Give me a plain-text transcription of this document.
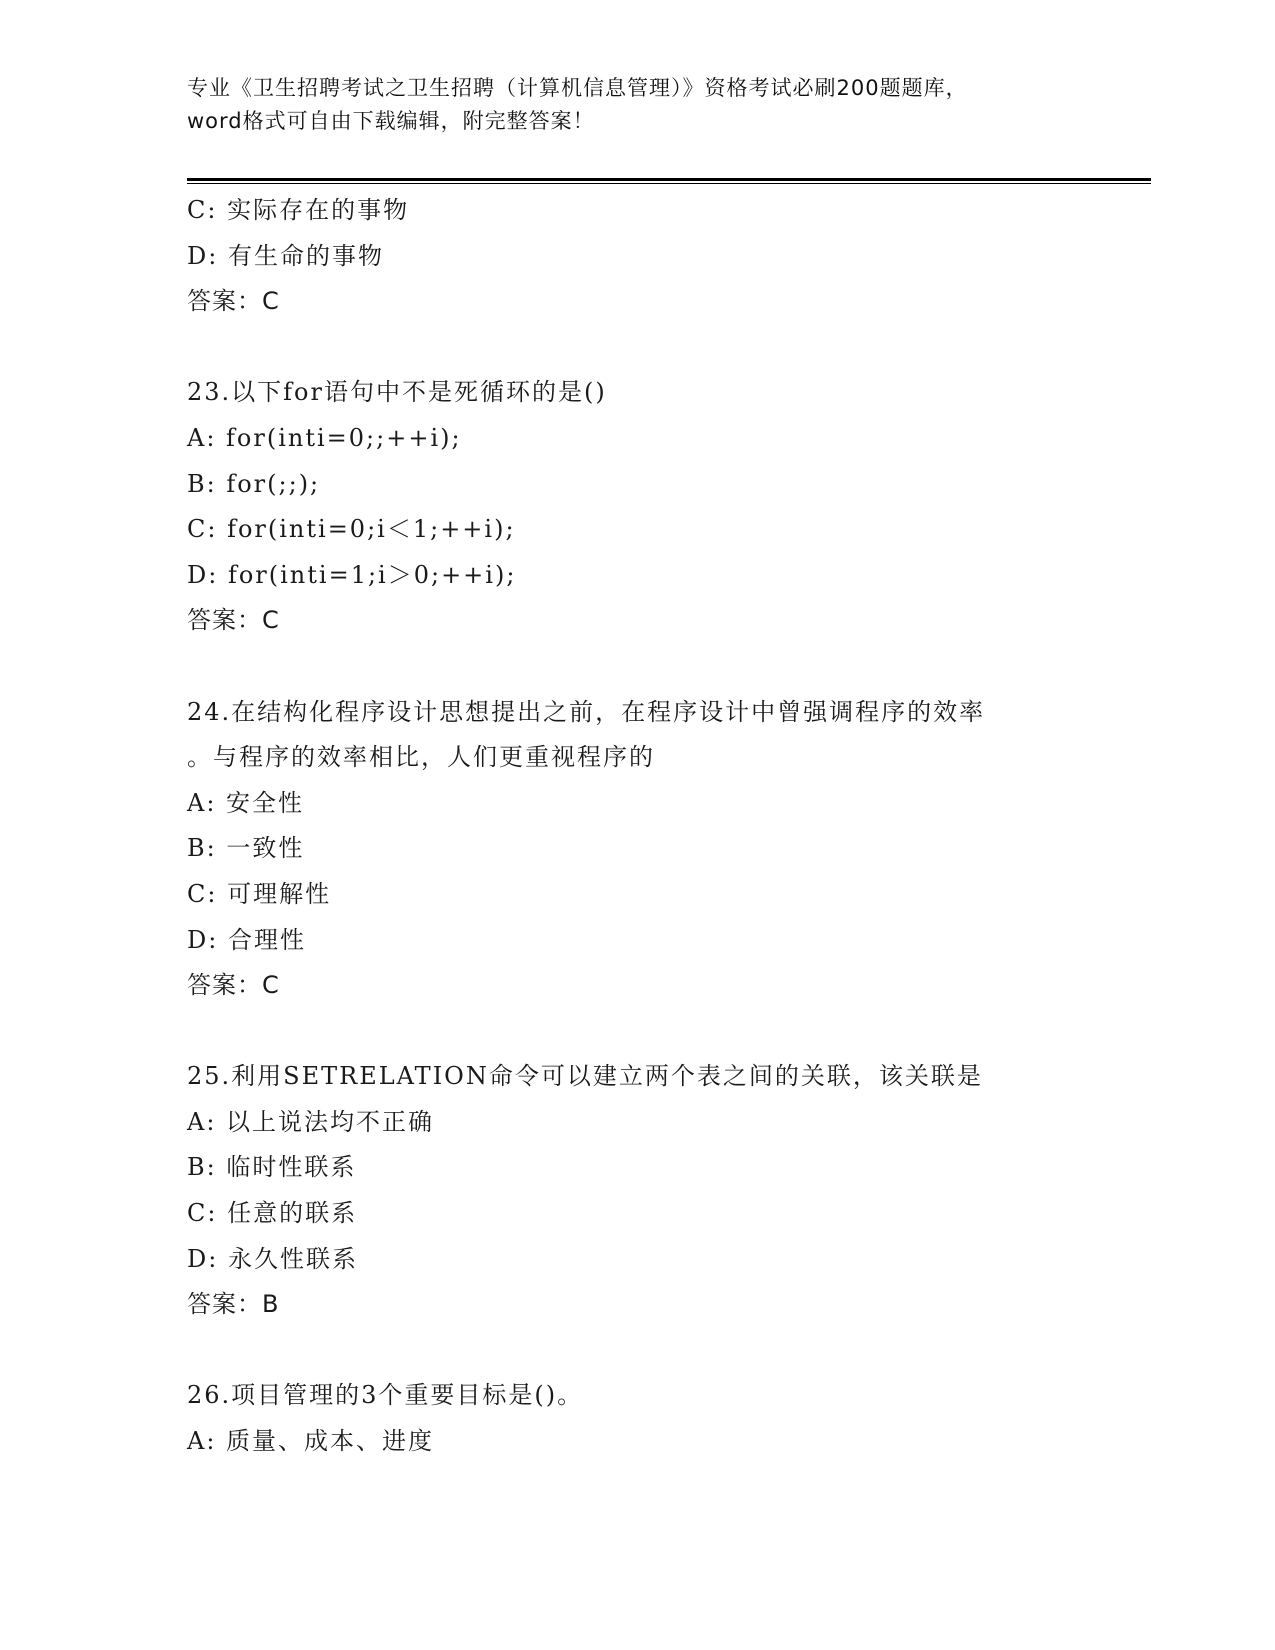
专业《卫生招聘考试之卫生招聘（计算机信息管理）》资格考试必刷200题题库，
word格式可自由下载编辑，附完整答案！
C: 实际存在的事物
D: 有生命的事物
答案：C
23.以下for语句中不是死循环的是()
A: for(inti=0;;++i);
B: for(;;);
C: for(inti=0;i＜1;++i);
D: for(inti=1;i＞0;++i);
答案：C
24.在结构化程序设计思想提出之前，在程序设计中曾强调程序的效率
。与程序的效率相比，人们更重视程序的
A: 安全性
B: 一致性
C: 可理解性
D: 合理性
答案：C
25.利用SETRELATION命令可以建立两个表之间的关联，该关联是
A: 以上说法均不正确
B: 临时性联系
C: 任意的联系
D: 永久性联系
答案：B
26.项目管理的3个重要目标是()。
A: 质量、成本、进度
